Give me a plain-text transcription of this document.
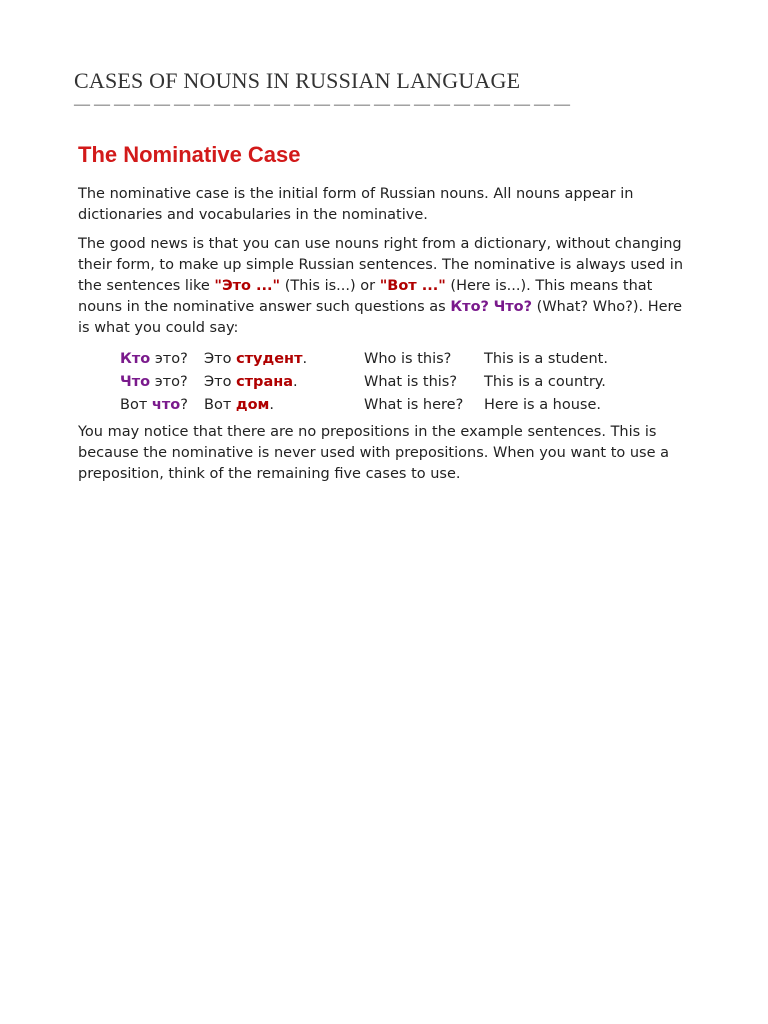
CASES OF NOUNS IN RUSSIAN LANGUAGE
— — — — — — — — — — — — — — — — — — — — — — — — —
The Nominative Case

The nominative case is the initial form of Russian nouns. All nouns appear in dictionaries and vocabularies in the nominative.

The good news is that you can use nouns right from a dictionary, without changing their form, to make up simple Russian sentences. The nominative is always used in the sentences like "Это ..." (This is...) or "Вот ..." (Here is...). This means that nouns in the nominative answer such questions as Кто? Что? (What? Who?). Here is what you could say:

Кто это?	Это студент.	Who is this?	This is a student.
Что это?	Это страна.	What is this?	This is a country.
Вот что?	Вот дом.	What is here?	Here is a house.

You may notice that there are no prepositions in the example sentences. This is because the nominative is never used with prepositions. When you want to use a preposition, think of the remaining five cases to use.
